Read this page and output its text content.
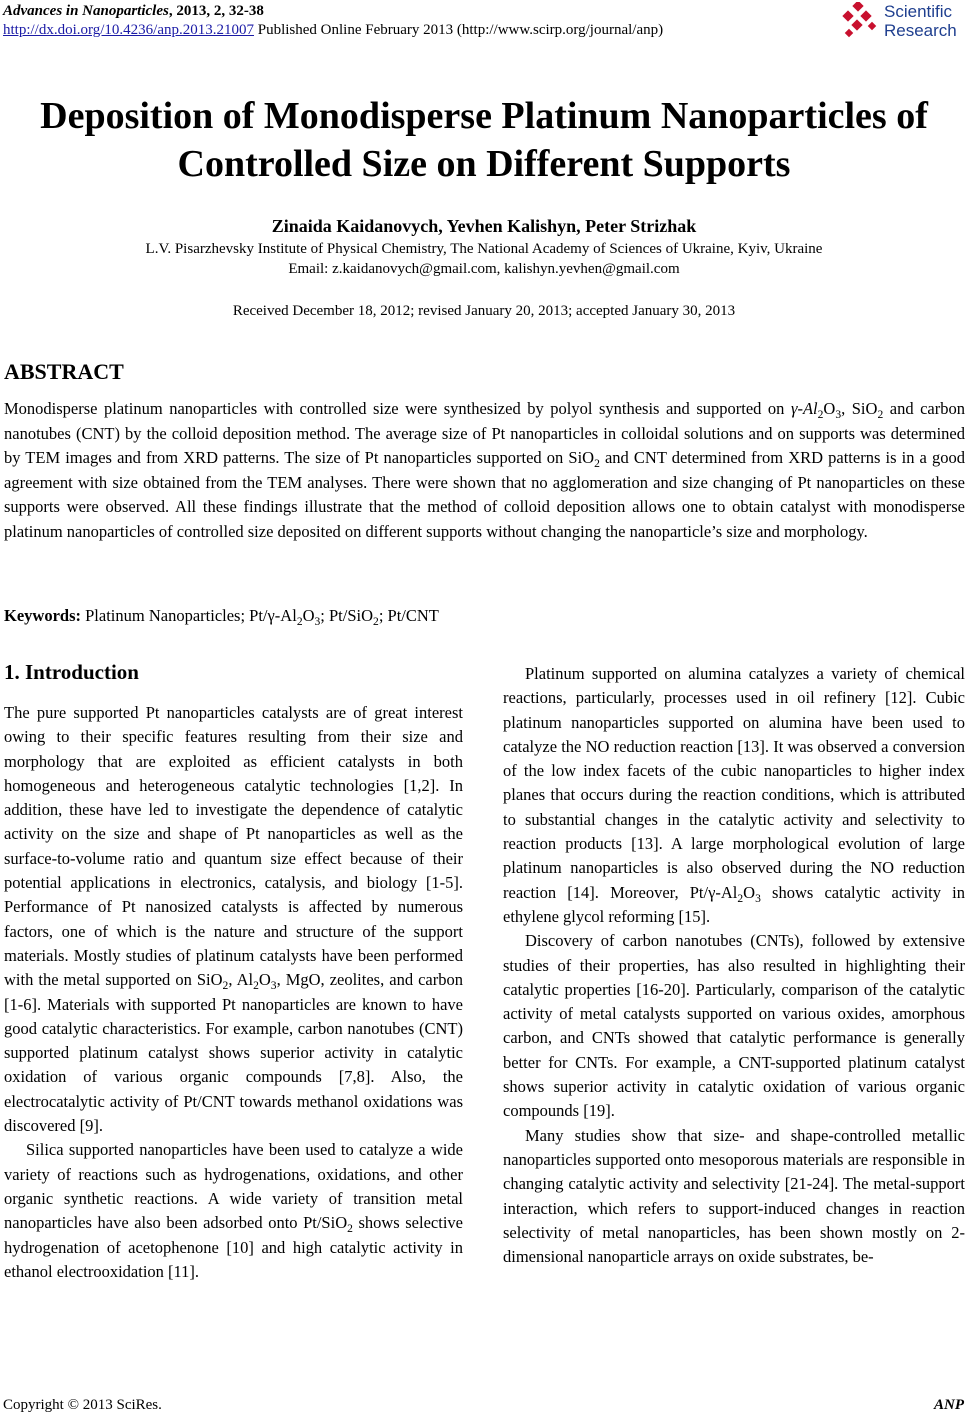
Advances in Nanoparticles, 2013, 2, 32-38
http://dx.doi.org/10.4236/anp.2013.21007 Published Online February 2013 (http://www.scirp.org/journal/anp)
Scientific
Research
Deposition of Monodisperse Platinum Nanoparticles of
Controlled Size on Different Supports
Zinaida Kaidanovych, Yevhen Kalishyn, Peter Strizhak
L.V. Pisarzhevsky Institute of Physical Chemistry, The National Academy of Sciences of Ukraine, Kyiv, Ukraine
Email: z.kaidanovych@gmail.com, kalishyn.yevhen@gmail.com
Received December 18, 2012; revised January 20, 2013; accepted January 30, 2013
ABSTRACT
Monodisperse platinum nanoparticles with controlled size were synthesized by polyol synthesis and supported on $\gamma-Al_2O_3$, SiO$_2$ and carbon nanotubes (CNT) by the colloid deposition method. The average size of Pt nanoparticles in colloidal solutions and on supports was determined by TEM images and from XRD patterns. The size of Pt nanoparticles supported on SiO$_2$ and CNT determined from XRD patterns is in a good agreement with size obtained from the TEM analyses. There were shown that no agglomeration and size changing of Pt nanoparticles on these supports were observed. All these findings illustrate that the method of colloid deposition allows one to obtain catalyst with monodisperse platinum nanoparticles of controlled size deposited on different supports without changing the nanoparticle’s size and morphology.
Keywords: Platinum Nanoparticles; $Pt/\gamma-Al_2O_3$; Pt/SiO$_2$; Pt/CNT
1. Introduction

The pure supported Pt nanoparticles catalysts are of great interest owing to their specific features resulting from their size and morphology that are exploited as efficient catalysts in both homogeneous and heterogeneous catalytic technologies [1,2]. In addition, these have led to investigate the dependence of catalytic activity on the size and shape of Pt nanoparticles as well as the surface-to-volume ratio and quantum size effect because of their potential applications in electronics, catalysis, and biology [1-5]. Performance of Pt nanosized catalysts is affected by numerous factors, one of which is the nature and structure of the support materials. Mostly studies of platinum catalysts have been performed with the metal supported on SiO$_2$, $Al_2O_3$, MgO, zeolites, and carbon [1-6]. Materials with supported Pt nanoparticles are known to have good catalytic characteristics. For example, carbon nanotubes (CNT) supported platinum catalyst shows superior activity in catalytic oxidation of various organic compounds [7,8]. Also, the electrocatalytic activity of Pt/CNT towards methanol oxidations was discovered [9].

Silica supported nanoparticles have been used to catalyze a wide variety of reactions such as hydrogenations, oxidations, and other organic synthetic reactions. A wide variety of transition metal nanoparticles have also been adsorbed onto Pt/SiO$_2$ shows selective hydrogenation of acetophenone [10] and high catalytic activity in ethanol electrooxidation [11].

Platinum supported on alumina catalyzes a variety of chemical reactions, particularly, processes used in oil refinery [12]. Cubic platinum nanoparticles supported on alumina have been used to catalyze the NO reduction reaction [13]. It was observed a conversion of the low index facets of the cubic nanoparticles to higher index planes that occurs during the reaction conditions, which is attributed to substantial changes in the catalytic activity and selectivity to reaction products [13]. A large morphological evolution of large platinum nanoparticles is also observed during the NO reduction reaction [14]. Moreover, $Pt/\gamma-Al_2O_3$ shows catalytic activity in ethylene glycol reforming [15].

Discovery of carbon nanotubes (CNTs), followed by extensive studies of their properties, has also resulted in highlighting their catalytic properties [16-20]. Particularly, comparison of the catalytic activity of metal catalysts supported on various oxides, amorphous carbon, and CNTs showed that catalytic performance is generally better for CNTs. For example, a CNT-supported platinum catalyst shows superior activity in catalytic oxidation of various organic compounds [19].

Many studies show that size- and shape-controlled metallic nanoparticles supported onto mesoporous materials are responsible in changing catalytic activity and selectivity [21-24]. The metal-support interaction, which refers to support-induced changes in reaction selectivity of metal nanoparticles, has been shown mostly on 2-dimensional nanoparticle arrays on oxide substrates, be-

Copyright © 2013 SciRes.	ANP
